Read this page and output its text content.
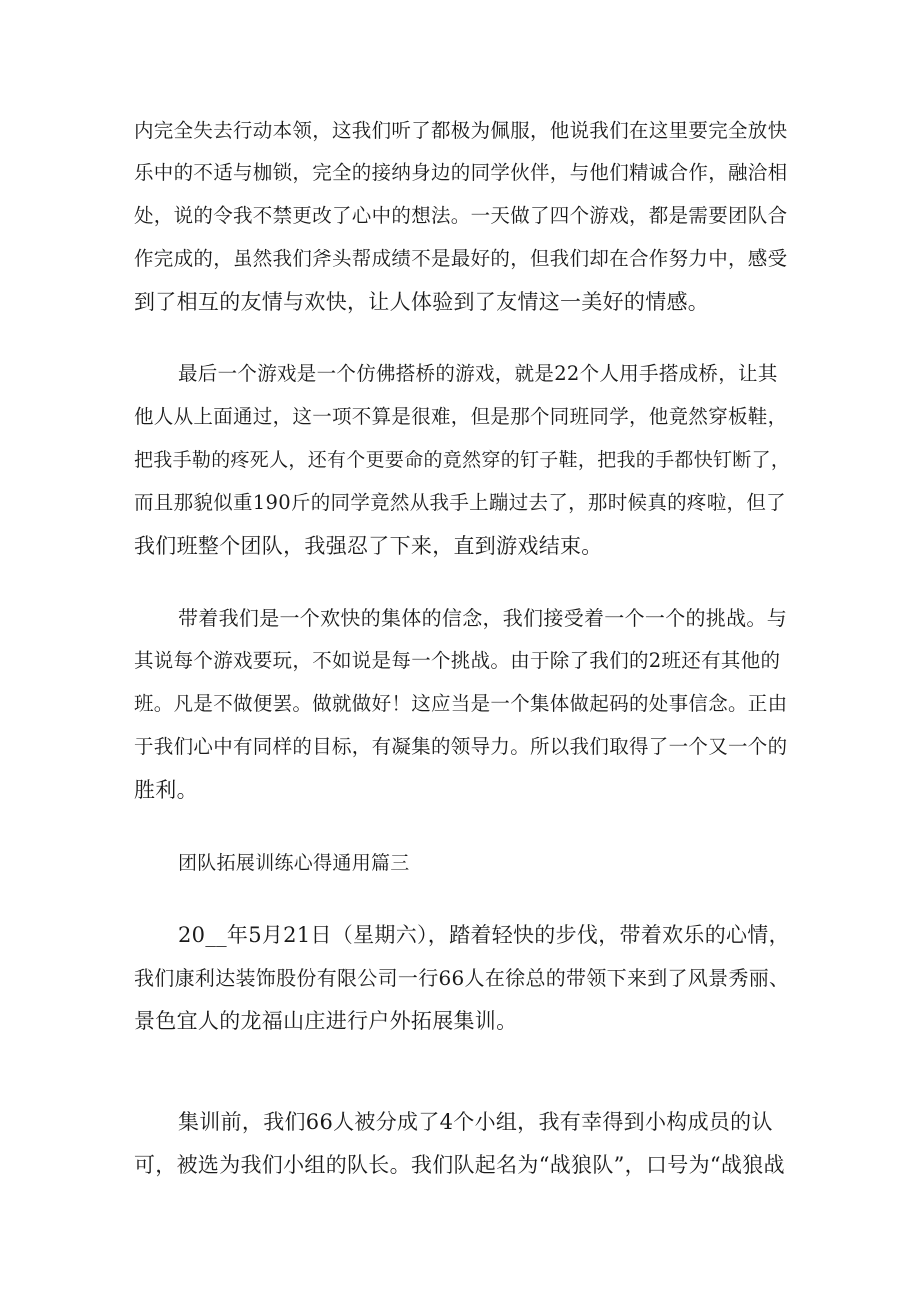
内完全失去行动本领，这我们听了都极为佩服，他说我们在这里要完全放快
乐中的不适与枷锁，完全的接纳身边的同学伙伴，与他们精诚合作，融洽相
处，说的令我不禁更改了心中的想法。一天做了四个游戏，都是需要团队合
作完成的，虽然我们斧头帮成绩不是最好的，但我们却在合作努力中，感受
到了相互的友情与欢快，让人体验到了友情这一美好的情感。
最后一个游戏是一个仿佛搭桥的游戏，就是22个人用手搭成桥，让其
他人从上面通过，这一项不算是很难，但是那个同班同学，他竟然穿板鞋，
把我手勒的疼死人，还有个更要命的竟然穿的钉子鞋，把我的手都快钉断了，
而且那貌似重190斤的同学竟然从我手上蹦过去了，那时候真的疼啦，但了
我们班整个团队，我强忍了下来，直到游戏结束。
带着我们是一个欢快的集体的信念，我们接受着一个一个的挑战。与
其说每个游戏要玩，不如说是每一个挑战。由于除了我们的2班还有其他的
班。凡是不做便罢。做就做好！这应当是一个集体做起码的处事信念。正由
于我们心中有同样的目标，有凝集的领导力。所以我们取得了一个又一个的
胜利。
团队拓展训练心得通用篇三
20__年5月21日（星期六），踏着轻快的步伐，带着欢乐的心情，
我们康利达装饰股份有限公司一行66人在徐总的带领下来到了风景秀丽、
景色宜人的龙福山庄进行户外拓展集训。
集训前，我们66人被分成了4个小组，我有幸得到小构成员的认
可，被选为我们小组的队长。我们队起名为“战狼队”，口号为“战狼战
